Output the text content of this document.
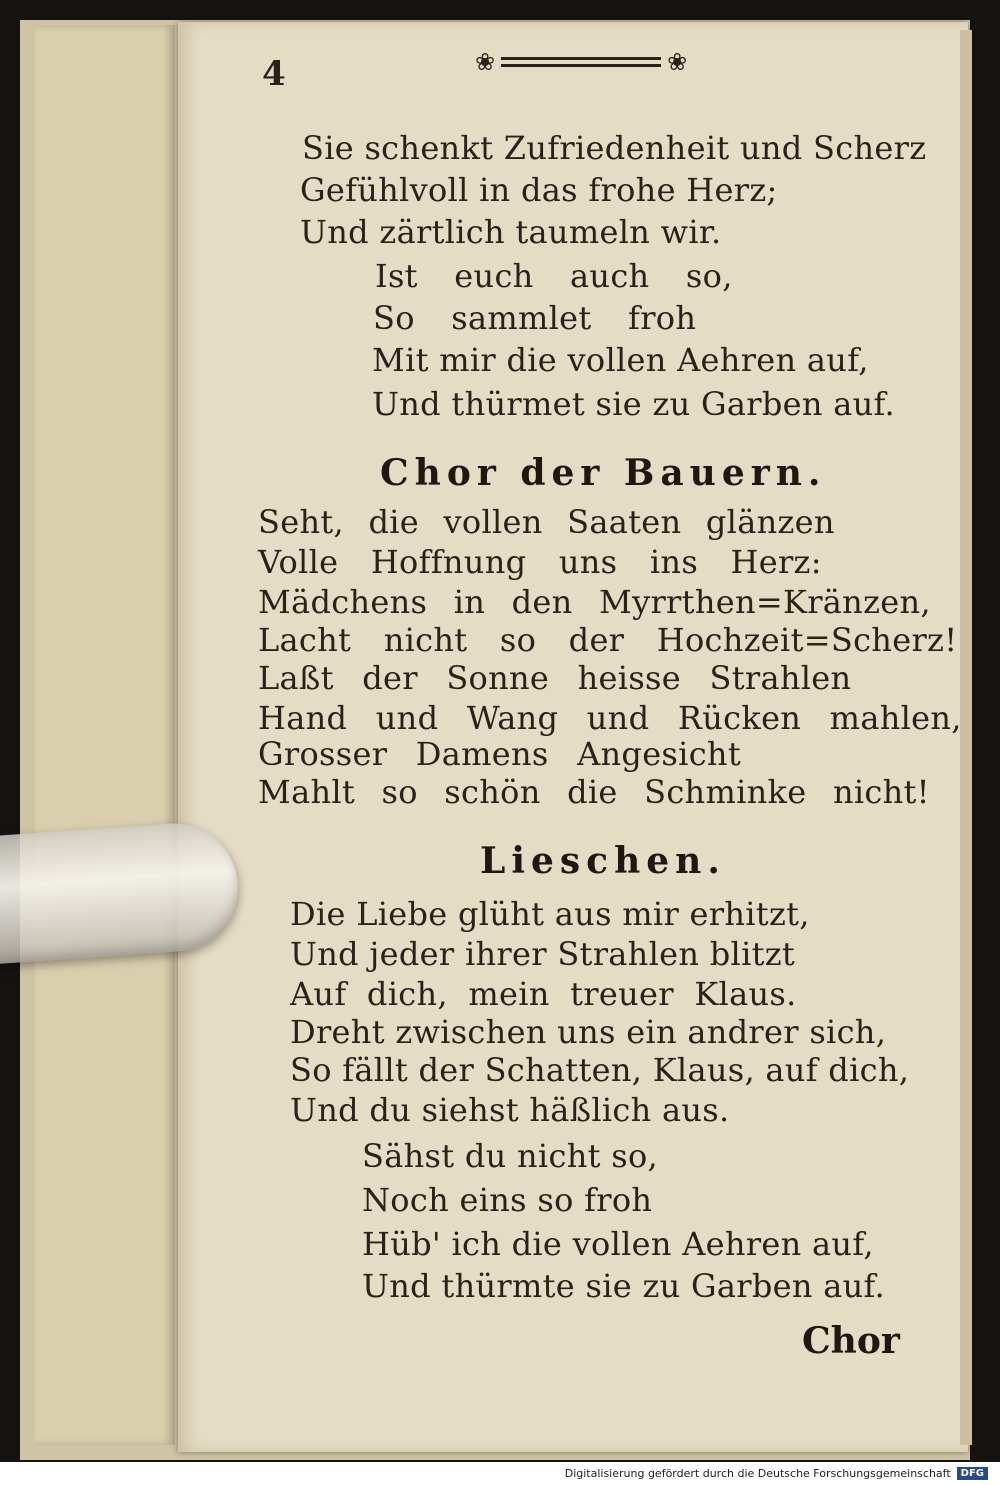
4	❀	❀
Sie schenkt Zufriedenheit und Scherz
Gefühlvoll in das frohe Herz;
Und zärtlich taumeln wir.
Ist euch auch so,
So sammlet froh
Mit mir die vollen Aehren auf,
Und thürmet sie zu Garben auf.
Chor der Bauern.
Seht, die vollen Saaten glänzen
Volle Hoffnung uns ins Herz:
Mädchens in den Myrrthen=Kränzen,
Lacht nicht so der Hochzeit=Scherz!
Laßt der Sonne heisse Strahlen
Hand und Wang und Rücken mahlen,
Grosser Damens Angesicht
Mahlt so schön die Schminke nicht!
Lieschen.
Die Liebe glüht aus mir erhitzt,
Und jeder ihrer Strahlen blitzt
Auf dich, mein treuer Klaus.
Dreht zwischen uns ein andrer sich,
So fällt der Schatten, Klaus, auf dich,
Und du siehst häßlich aus.
Sähst du nicht so,
Noch eins so froh
Hüb' ich die vollen Aehren auf,
Und thürmte sie zu Garben auf.
Chor
Digitalisierung gefördert durch die Deutsche Forschungsgemeinschaft	DFG
